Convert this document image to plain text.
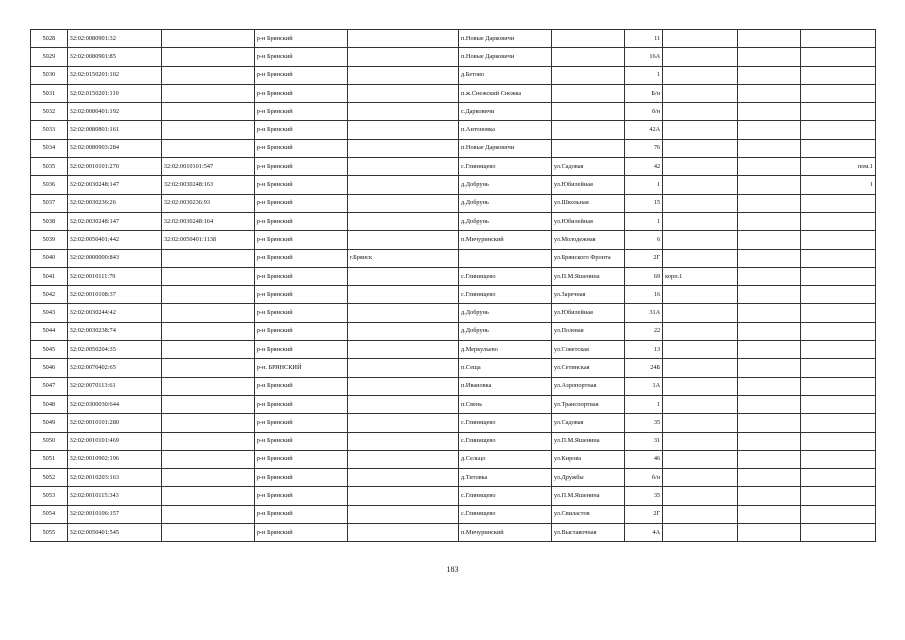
5028	32:02:0080901:32		р-н Брянский		п.Новые Дарковичи		11			
5029	32:02:0080901:85		р-н Брянский		п.Новые Дарковичи		16А			
5030	32:02:0150201:102		р-н Брянский		д.Бетово		1			
5031	32:02:0150201:110		р-н Брянский		п.ж.Снежский Снежка		Б/н			
5032	32:02:0080401:192		р-н Брянский		с.Дарковичи		б/н			
5033	32:02:0080801:161		р-н Брянский		п.Антоновка		42А			
5034	32:02:0080903:284		р-н Брянский		п.Новые Дарковичи		76			
5035	32:02:0010101:270	32:02:0010101:547	р-н Брянский		с.Глинищево	ул.Садовая	42			пом.1
5036	32:02:0030248:147	32:02:0030248:163	р-н Брянский		д.Добрунь	ул.Юбилейная	1			1
5037	32:02:0030236:26	32:02:0030236:93	р-н Брянский		д.Добрунь	ул.Школьная	15			
5038	32:02:0030248:147	32:02:0030248:164	р-н Брянский		д.Добрунь	ул.Юбилейная	1			
5039	32:02:0050401:442	32:02:0050401:1138	р-н Брянский		п.Мичуринский	ул.Молодежная	6			
5040	32:02:0000000:843		р-н Брянский	г.Брянск		ул.Брянского Фронта	2Г			
5041	32:02:0010111:79		р-н Брянский		с.Глинищево	ул.П.М.Яшенина	69	корп.1		
5042	32:02:0010108:37		р-н Брянский		с.Глинищево	ул.Заречная	16			
5043	32:02:0030244:42		р-н Брянский		д.Добрунь	ул.Юбилейная	31А			
5044	32:02:0030238:74		р-н Брянский		д.Добрунь	ул.Полевая	22			
5045	32:02:0050204:35		р-н Брянский		д.Меркульево	ул.Советская	13			
5046	32:02:0070402:65		р-н. БРЯНСКИЙ		п.Сеща	ул.Сетинская	24Б			
5047	32:02:0070113:61		р-н Брянский		п.Ивановка	ул.Аэропортная	1А			
5048	32:02:0300030:644		р-н Брянский		п.Свень	ул.Транспортная	1			
5049	32:02:0010101:280		р-н Брянский		с.Глинищево	ул.Садовая	35			
5050	32:02:0010101:469		р-н Брянский		с.Глинищево	ул.П.М.Яшенина	31			
5051	32:02:0010902:196		р-н Брянский		д.Сельцо	ул.Кирова	46			
5052	32:02:0010203:163		р-н Брянский		д.Титовка	ул.Дружбы	б/н			
5053	32:02:0010115:343		р-н Брянский		с.Глинищево	ул.П.М.Яшенина	35			
5054	32:02:0010106:157		р-н Брянский		с.Глинищево	ул.Свиластов	2Г			
5055	32:02:0050401:545		р-н Брянский		п.Мичуринский	ул.Выставочная	4А			
183
